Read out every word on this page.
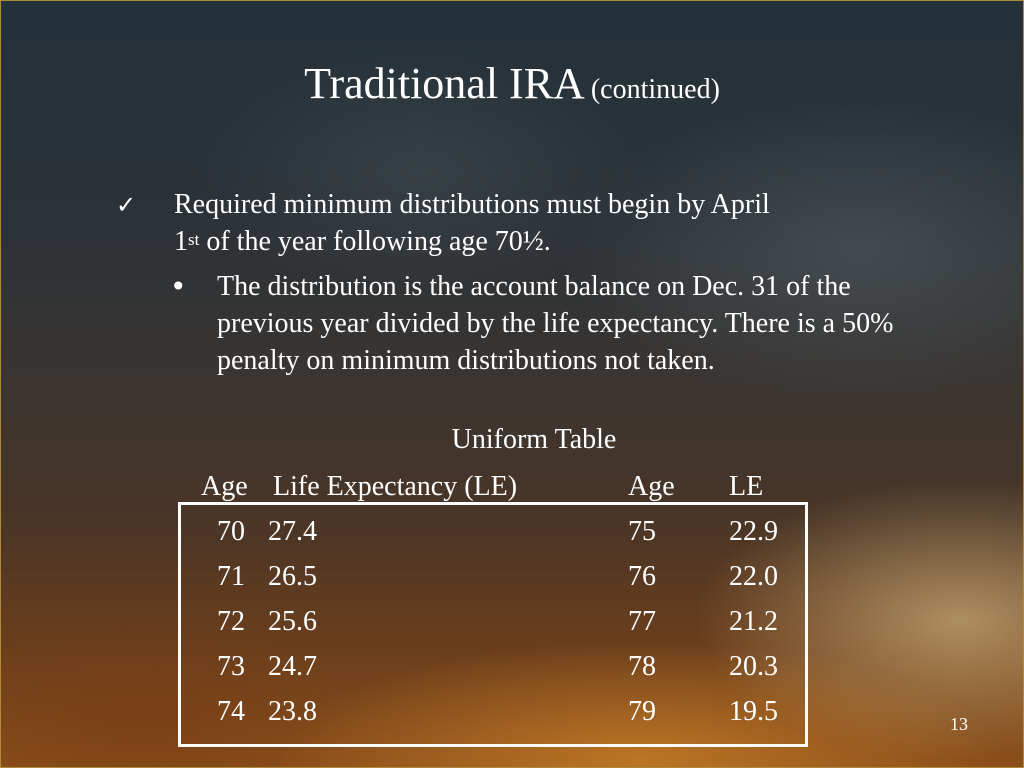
Traditional IRA (continued)
✓ Required minimum distributions must begin by April
1st of the year following age 70½.
• The distribution is the account balance on Dec. 31 of the previous year divided by the life expectancy. There is a 50% penalty on minimum distributions not taken.
Uniform Table
Age Life Expectancy (LE)	Age LE
70 27.4	75	22.9
71 26.5	76	22.0
72 25.6	77	21.2
73 24.7	78	20.3
74 23.8	79	19.5	13
